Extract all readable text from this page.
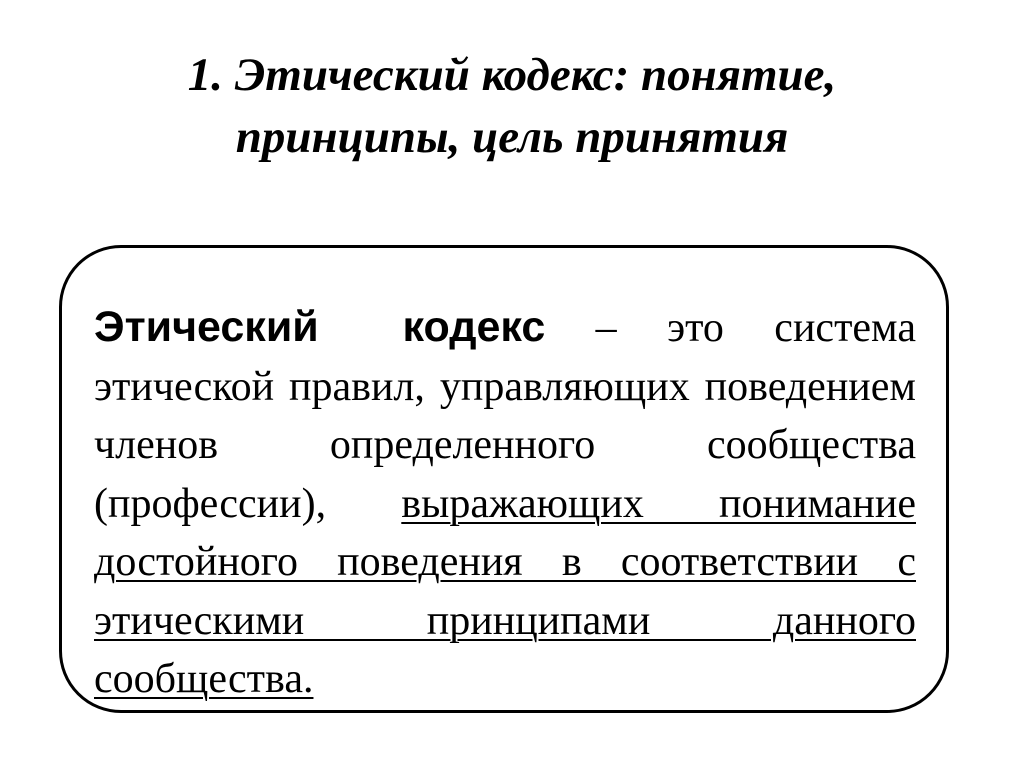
1. Этический кодекс: понятие,
принципы, цель принятия

Этический кодекс – это система этической правил, управляющих поведением членов определенного сообщества (профессии), выражающих понимание достойного поведения в соответствии с этическими принципами данного сообщества.
